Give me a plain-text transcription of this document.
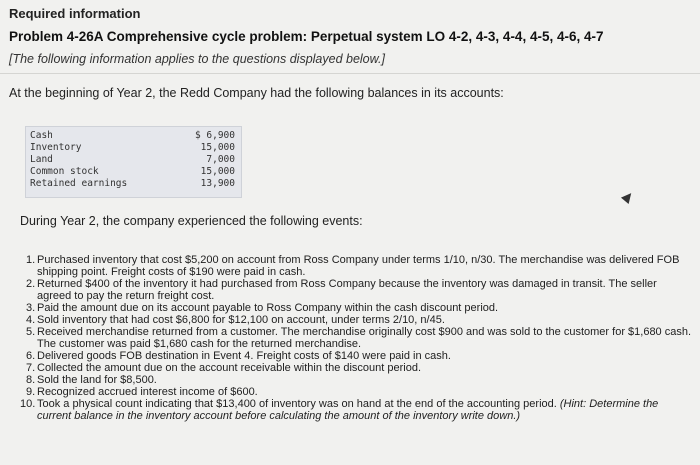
Required information
Problem 4-26A Comprehensive cycle problem: Perpetual system LO 4-2, 4-3, 4-4, 4-5, 4-6, 4-7
[The following information applies to the questions displayed below.]
At the beginning of Year 2, the Redd Company had the following balances in its accounts:
Cash	$ 6,900
Inventory	15,000
Land	7,000
Common stock	15,000
Retained earnings	13,900
During Year 2, the company experienced the following events:
1. Purchased inventory that cost $5,200 on account from Ross Company under terms 1/10, n/30. The merchandise was delivered FOB shipping point. Freight costs of $190 were paid in cash.
2. Returned $400 of the inventory it had purchased from Ross Company because the inventory was damaged in transit. The seller agreed to pay the return freight cost.
3. Paid the amount due on its account payable to Ross Company within the cash discount period.
4. Sold inventory that had cost $6,800 for $12,100 on account, under terms 2/10, n/45.
5. Received merchandise returned from a customer. The merchandise originally cost $900 and was sold to the customer for $1,680 cash. The customer was paid $1,680 cash for the returned merchandise.
6. Delivered goods FOB destination in Event 4. Freight costs of $140 were paid in cash.
7. Collected the amount due on the account receivable within the discount period.
8. Sold the land for $8,500.
9. Recognized accrued interest income of $600.
10. Took a physical count indicating that $13,400 of inventory was on hand at the end of the accounting period. (Hint: Determine the current balance in the inventory account before calculating the amount of the inventory write down.)
